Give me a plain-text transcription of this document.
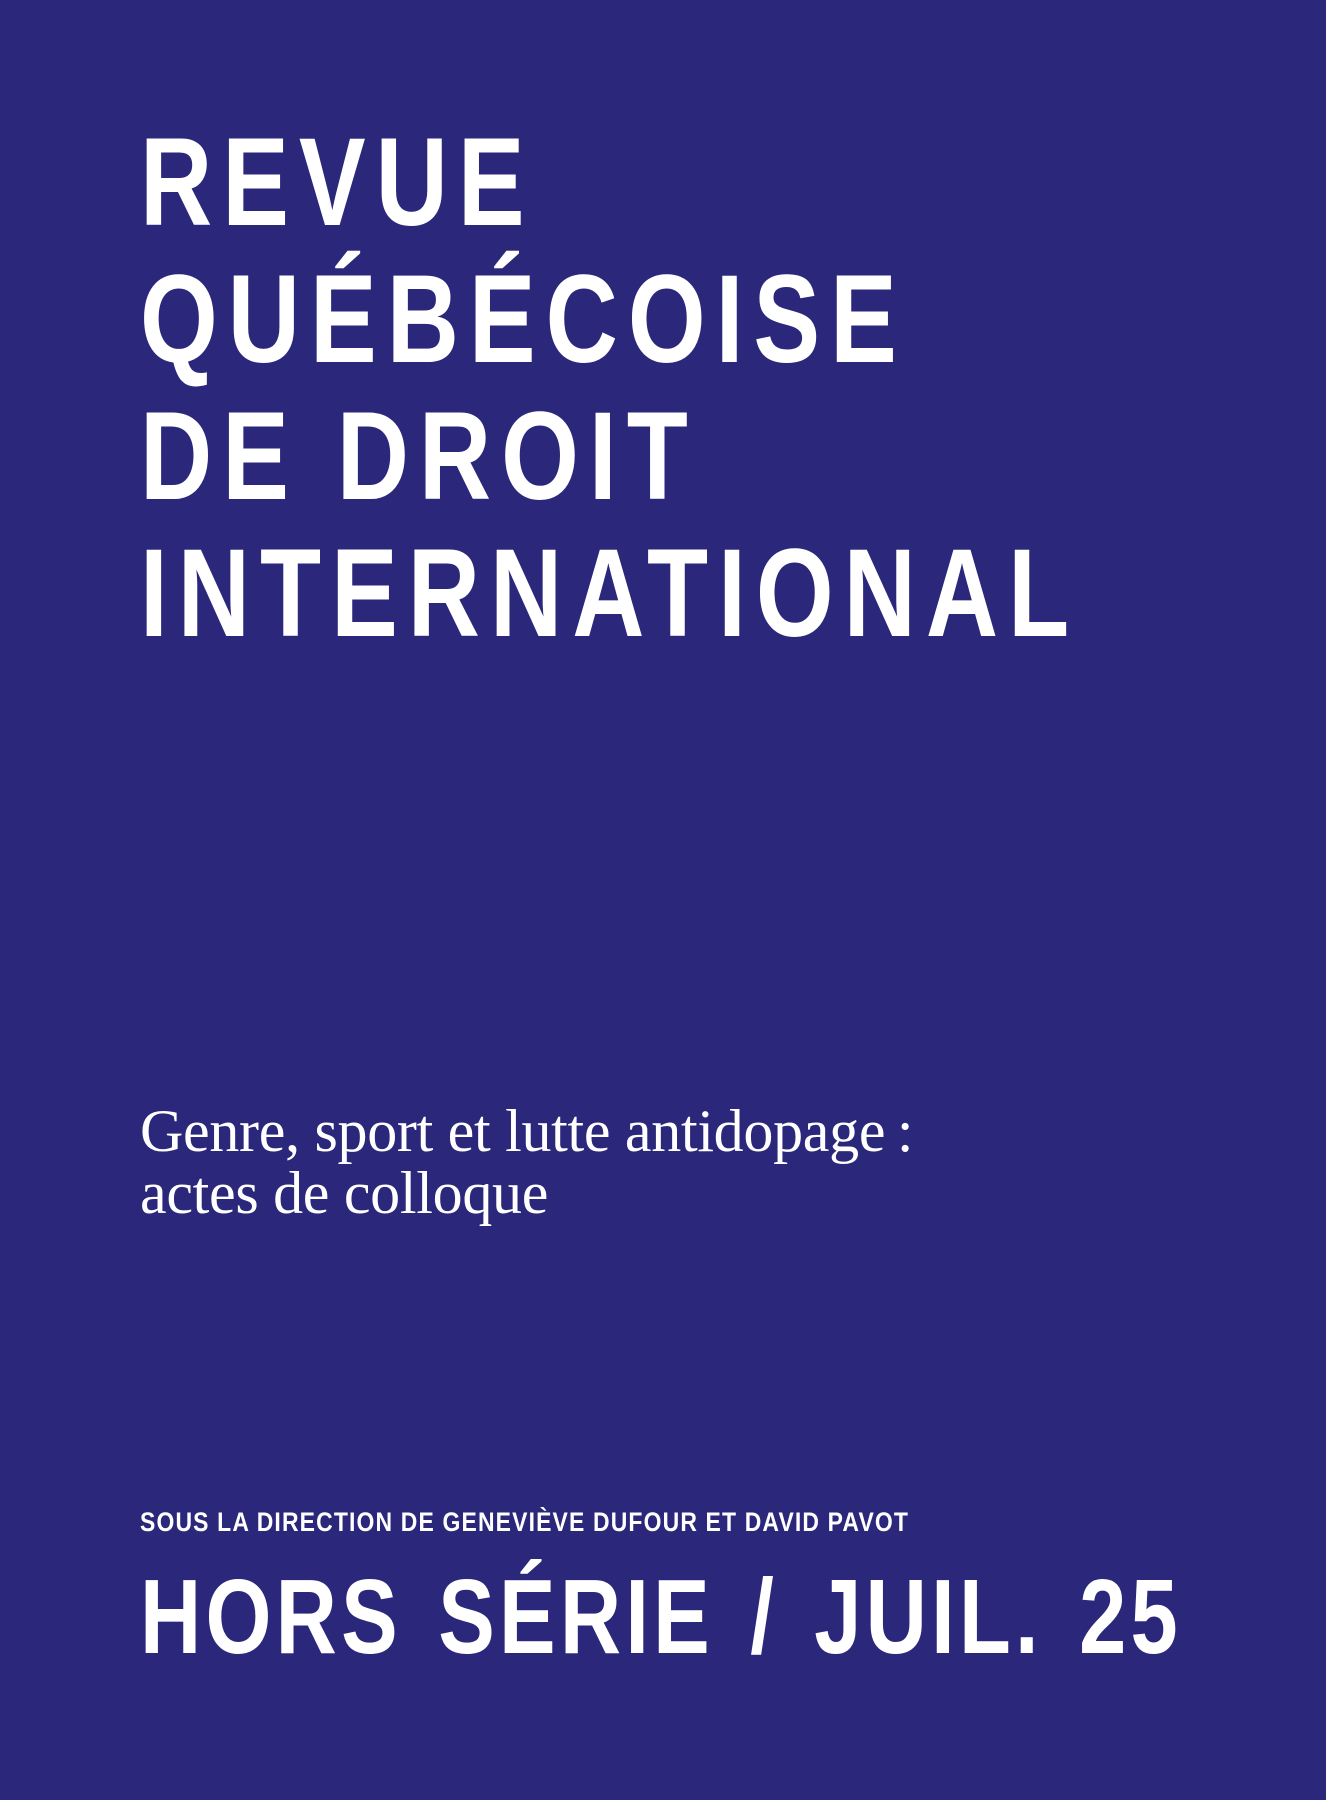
REVUE
QUÉBÉCOISE
DE DROIT
INTERNATIONAL
Genre, sport et lutte antidopage :
actes de colloque
SOUS LA DIRECTION DE GENEVIÈVE DUFOUR ET DAVID PAVOT
HORS SÉRIE / JUIL. 25
